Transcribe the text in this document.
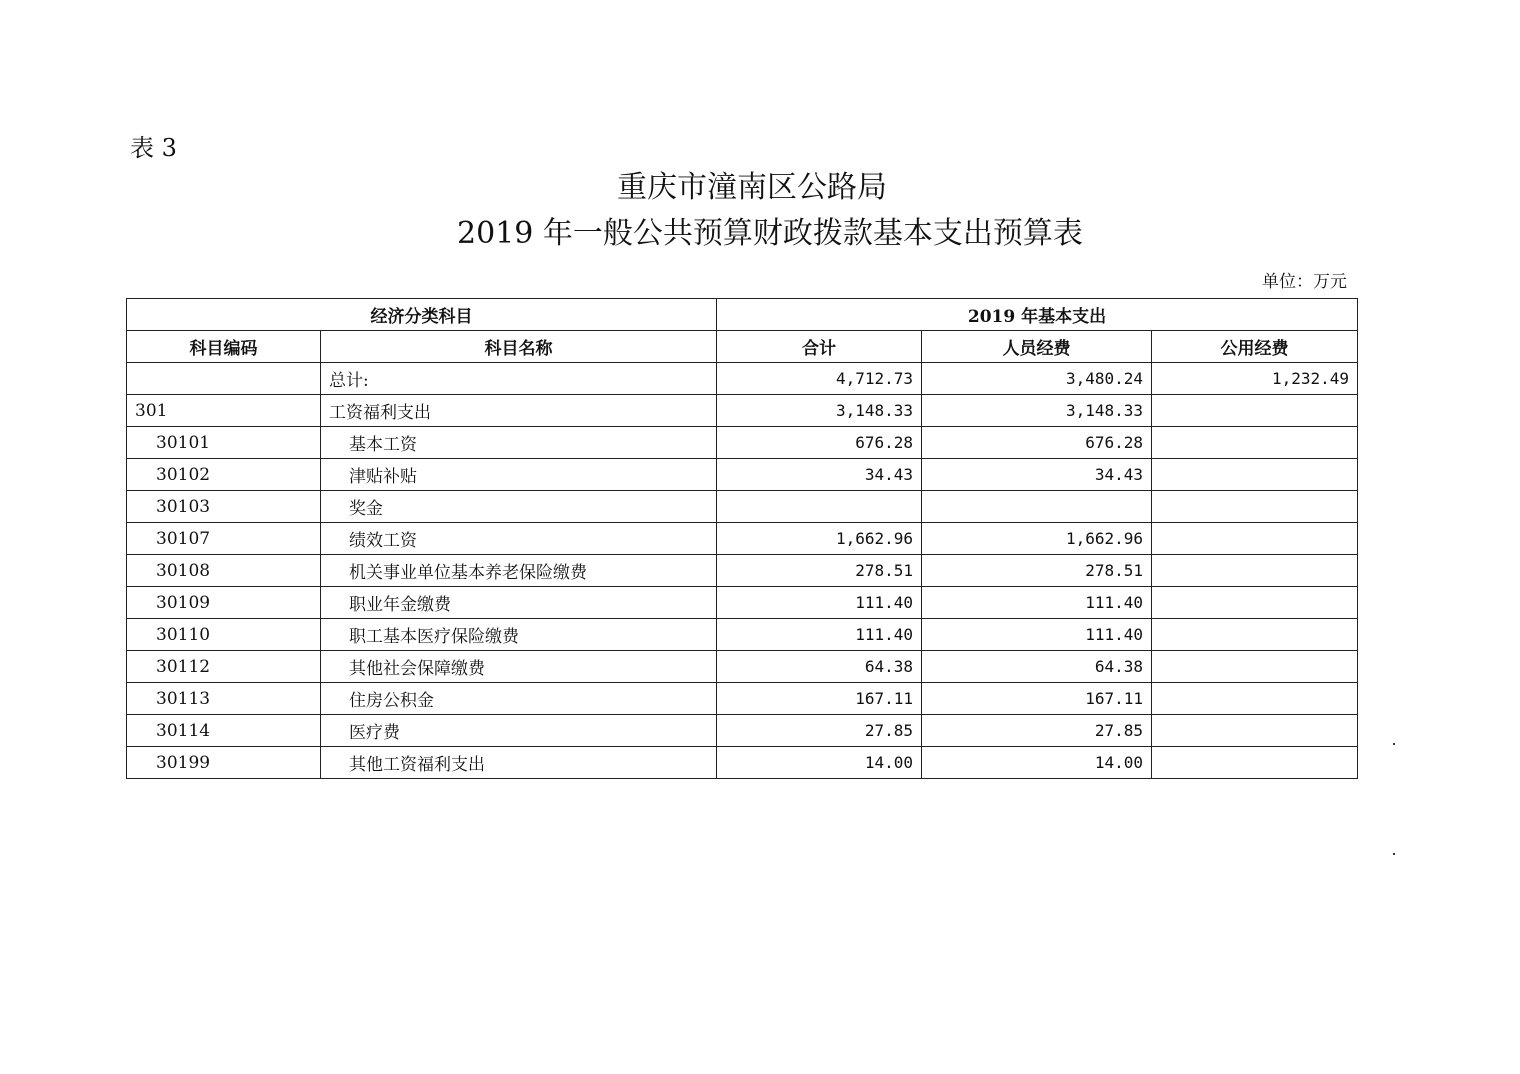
表 3
重庆市潼南区公路局
2019 年一般公共预算财政拨款基本支出预算表
单位：万元
经济分类科目		2019 年基本支出		
科目编码	科目名称	合计	人员经费	公用经费
	总计:	4,712.73	3,480.24	1,232.49
301	工资福利支出	3,148.33	3,148.33	
30101	基本工资	676.28	676.28	
30102	津贴补贴	34.43	34.43	
30103	奖金			
30107	绩效工资	1,662.96	1,662.96	
30108	机关事业单位基本养老保险缴费	278.51	278.51	
30109	职业年金缴费	111.40	111.40	
30110	职工基本医疗保险缴费	111.40	111.40	
30112	其他社会保障缴费	64.38	64.38	
30113	住房公积金	167.11	167.11	
30114	医疗费	27.85	27.85	
30199	其他工资福利支出	14.00	14.00	
